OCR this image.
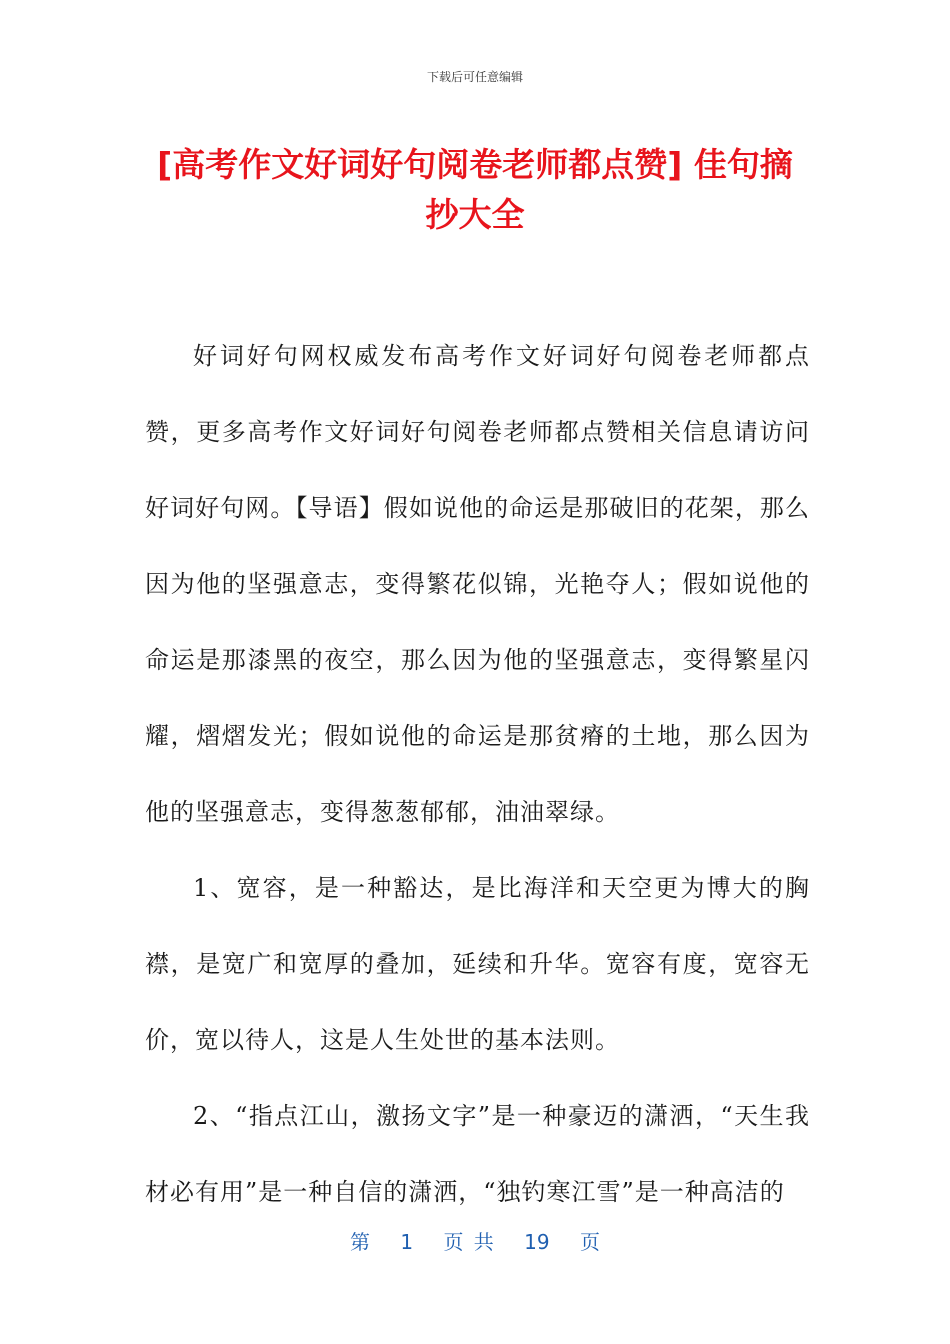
下载后可任意编辑
[高考作文好词好句阅卷老师都点赞] 佳句摘抄大全

好词好句网权威发布高考作文好词好句阅卷老师都点赞，更多高考作文好词好句阅卷老师都点赞相关信息请访问好词好句网。【导语】假如说他的命运是那破旧的花架，那么因为他的坚强意志，变得繁花似锦，光艳夺人；假如说他的命运是那漆黑的夜空，那么因为他的坚强意志，变得繁星闪耀，熠熠发光；假如说他的命运是那贫瘠的土地，那么因为他的坚强意志，变得葱葱郁郁，油油翠绿。

1、宽容，是一种豁达，是比海洋和天空更为博大的胸襟，是宽广和宽厚的叠加，延续和升华。宽容有度，宽容无价，宽以待人，这是人生处世的基本法则。

2、“指点江山，激扬文字”是一种豪迈的潇洒，“天生我材必有用”是一种自信的潇洒，“独钓寒江雪”是一种高洁的

第 1 页 共 19 页
